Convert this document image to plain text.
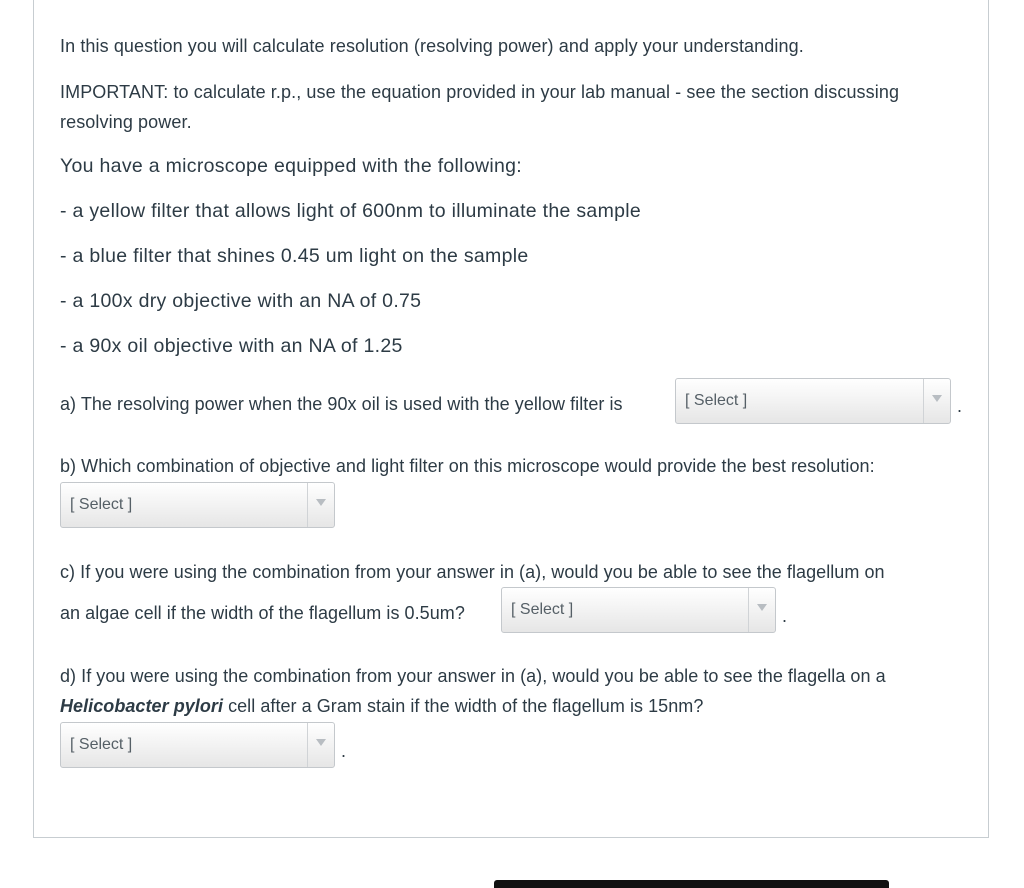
In this question you will calculate resolution (resolving power) and apply your understanding.

IMPORTANT: to calculate r.p., use the equation provided in your lab manual - see the section discussing resolving power.

You have a microscope equipped with the following:

- a yellow filter that allows light of 600nm to illuminate the sample

- a blue filter that shines 0.45 um light on the sample

- a 100x dry objective with an NA of 0.75

- a 90x oil objective with an NA of 1.25

a) The resolving power when the 90x oil is used with the yellow filter is	[ Select ]	.

b) Which combination of objective and light filter on this microscope would provide the best resolution:

[ Select ]

c) If you were using the combination from your answer in (a), would you be able to see the flagellum on

an algae cell if the width of the flagellum is 0.5um?	[ Select ]	.

d) If you were using the combination from your answer in (a), would you be able to see the flagella on a

Helicobacter pylori cell after a Gram stain if the width of the flagellum is 15nm?

[ Select ]	.
